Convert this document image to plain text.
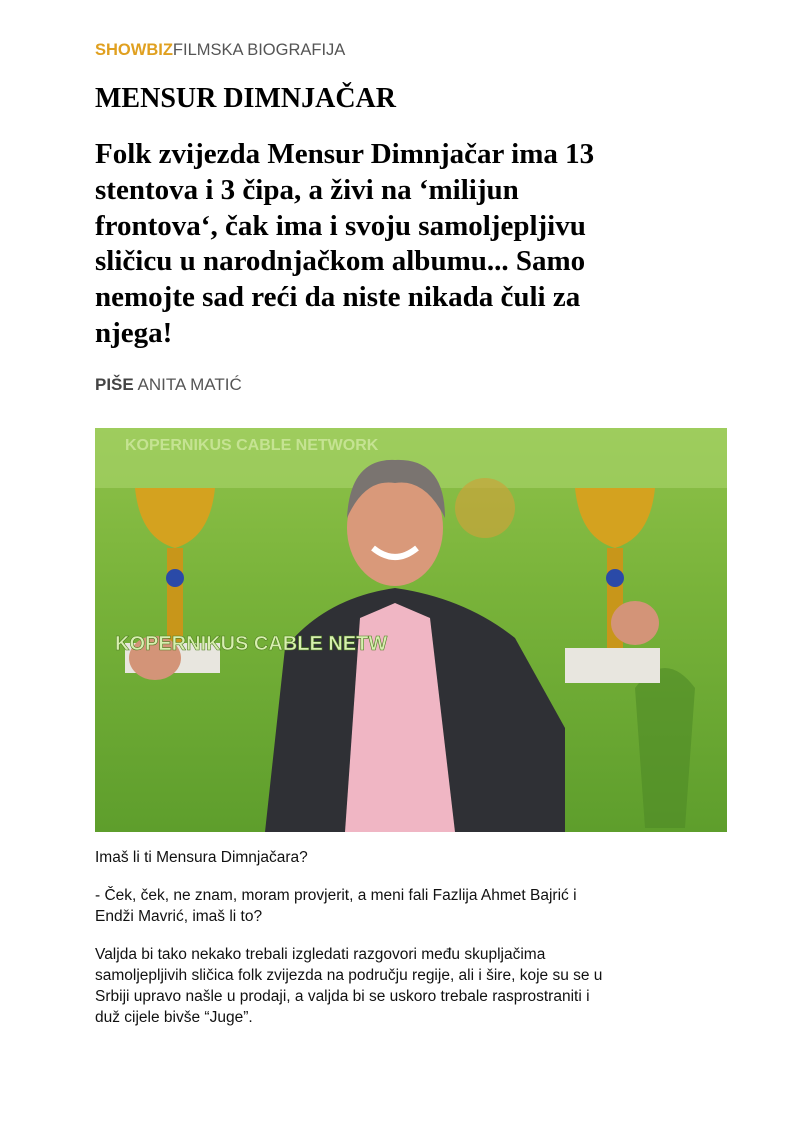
SHOWBIZFILMSKA BIOGRAFIJA
MENSUR DIMNJAČAR
Folk zvijezda Mensur Dimnjačar ima 13
stentova i 3 čipa, a živi na ‘milijun
frontova‘, čak ima i svoju samoljepljivu
sličicu u narodnjačkom albumu... Samo
nemojte sad reći da niste nikada čuli za
njega!
PIŠE ANITA MATIĆ
KOPERNIKUS CABLE NETWORK
KOPERNIKUS CABLE NETW
Imaš li ti Mensura Dimnjačara?
- Ček, ček, ne znam, moram provjerit, a meni fali Fazlija Ahmet Bajrić i
Endži Mavrić, imaš li to?
Valjda bi tako nekako trebali izgledati razgovori među skupljačima
samoljepljivih sličica folk zvijezda na području regije, ali i šire, koje su se u
Srbiji upravo našle u prodaji, a valjda bi se uskoro trebale rasprostraniti i
duž cijele bivše “Juge”.
